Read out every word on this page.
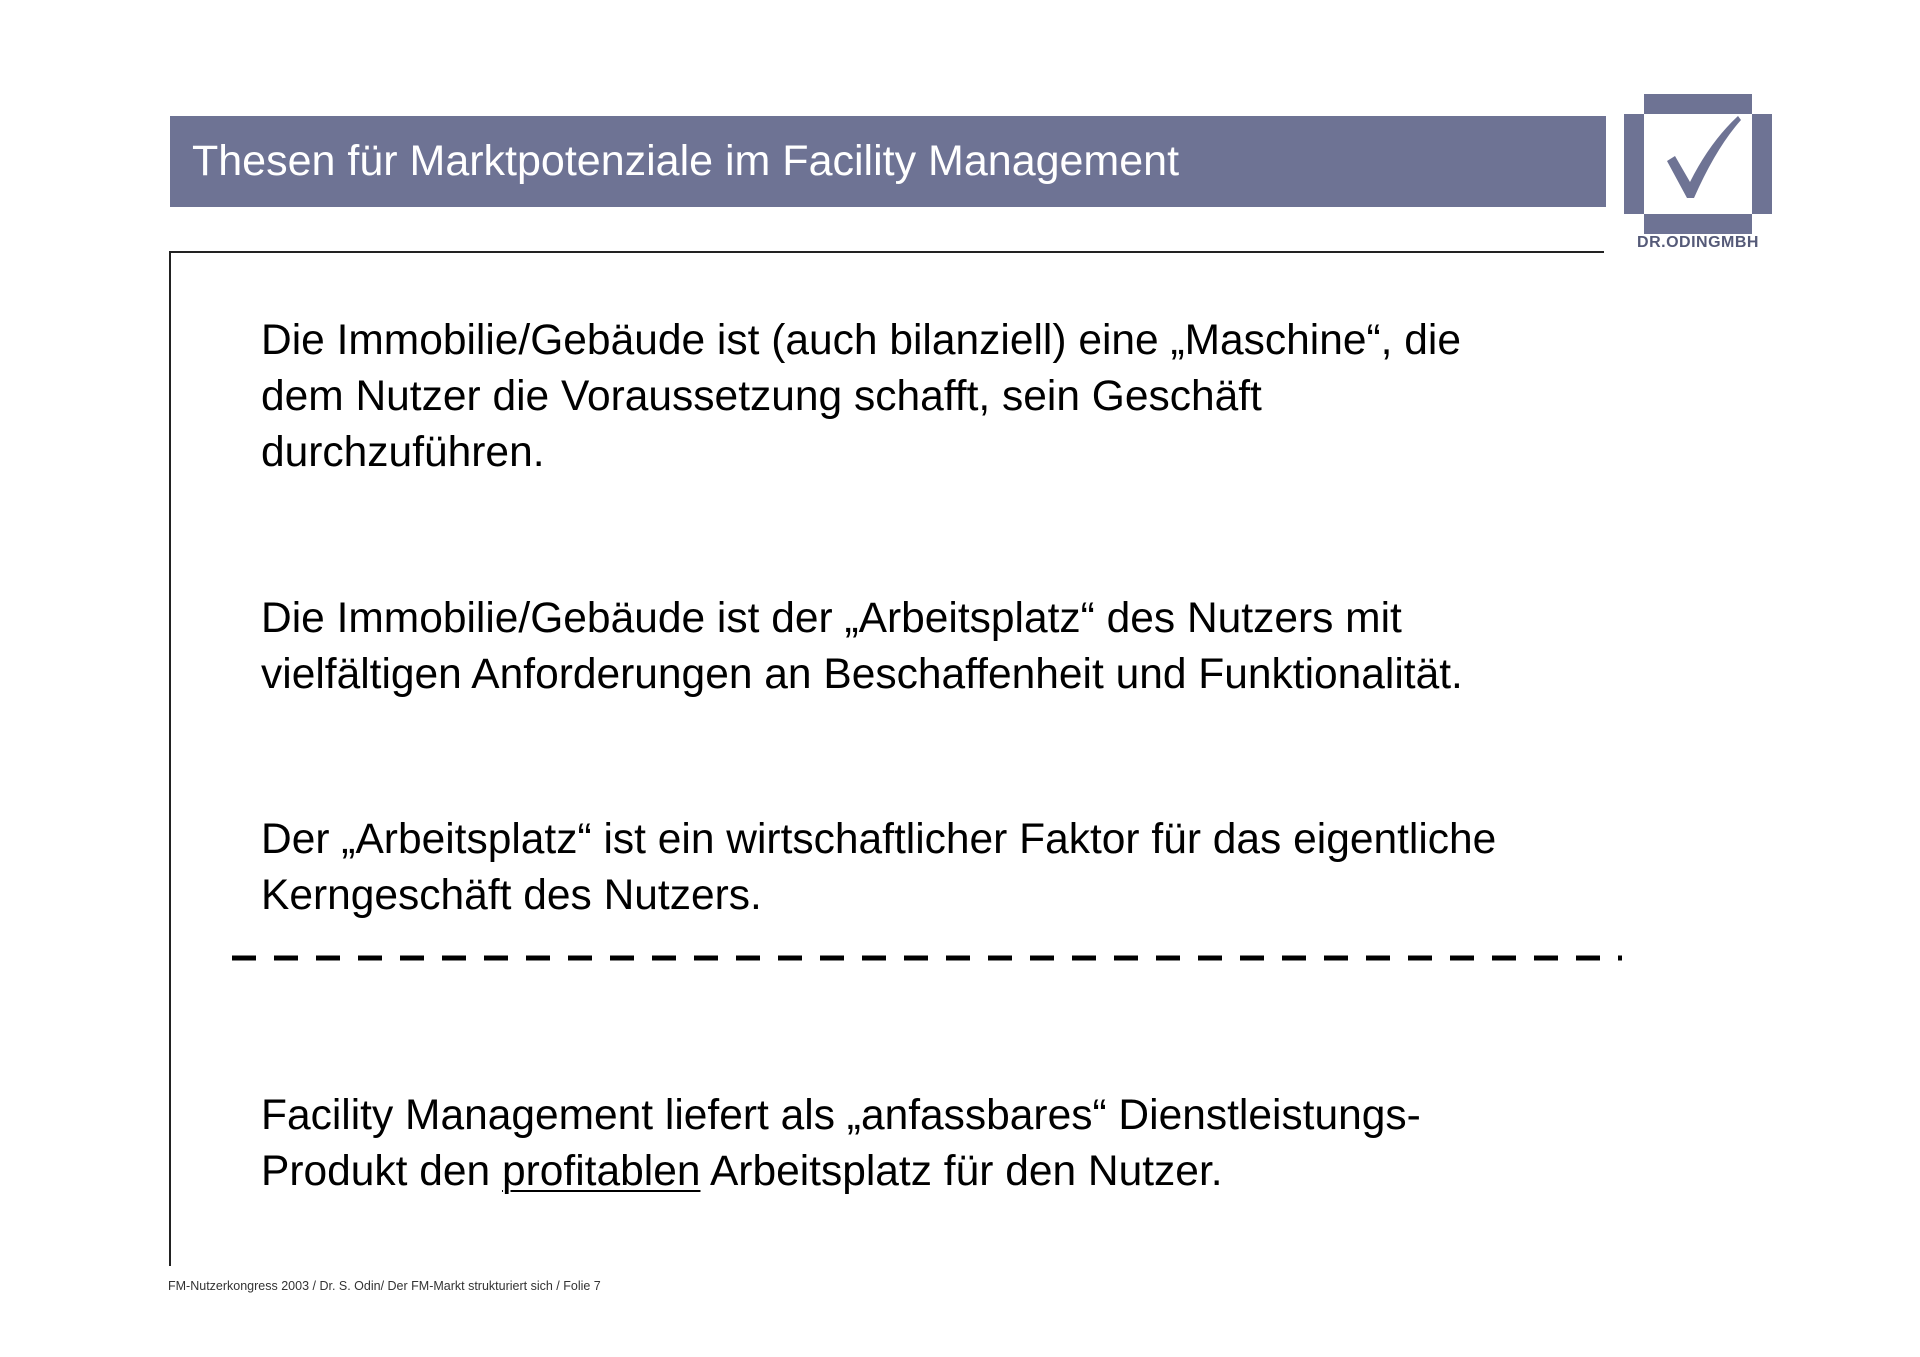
Thesen für Marktpotenziale im Facility Management
DR.ODINGMBH

Die Immobilie/Gebäude ist (auch bilanziell) eine „Maschine“, die

dem Nutzer die Voraussetzung schafft, sein Geschäft

durchzuführen.

Die Immobilie/Gebäude ist der „Arbeitsplatz“ des Nutzers mit

vielfältigen Anforderungen an Beschaffenheit und Funktionalität.

Der „Arbeitsplatz“ ist ein wirtschaftlicher Faktor für das eigentliche

Kerngeschäft des Nutzers.

Facility Management liefert als „anfassbares“ Dienstleistungs-

Produkt den profitablen Arbeitsplatz für den Nutzer.

FM-Nutzerkongress 2003 / Dr. S. Odin/ Der FM-Markt strukturiert sich / Folie 7
